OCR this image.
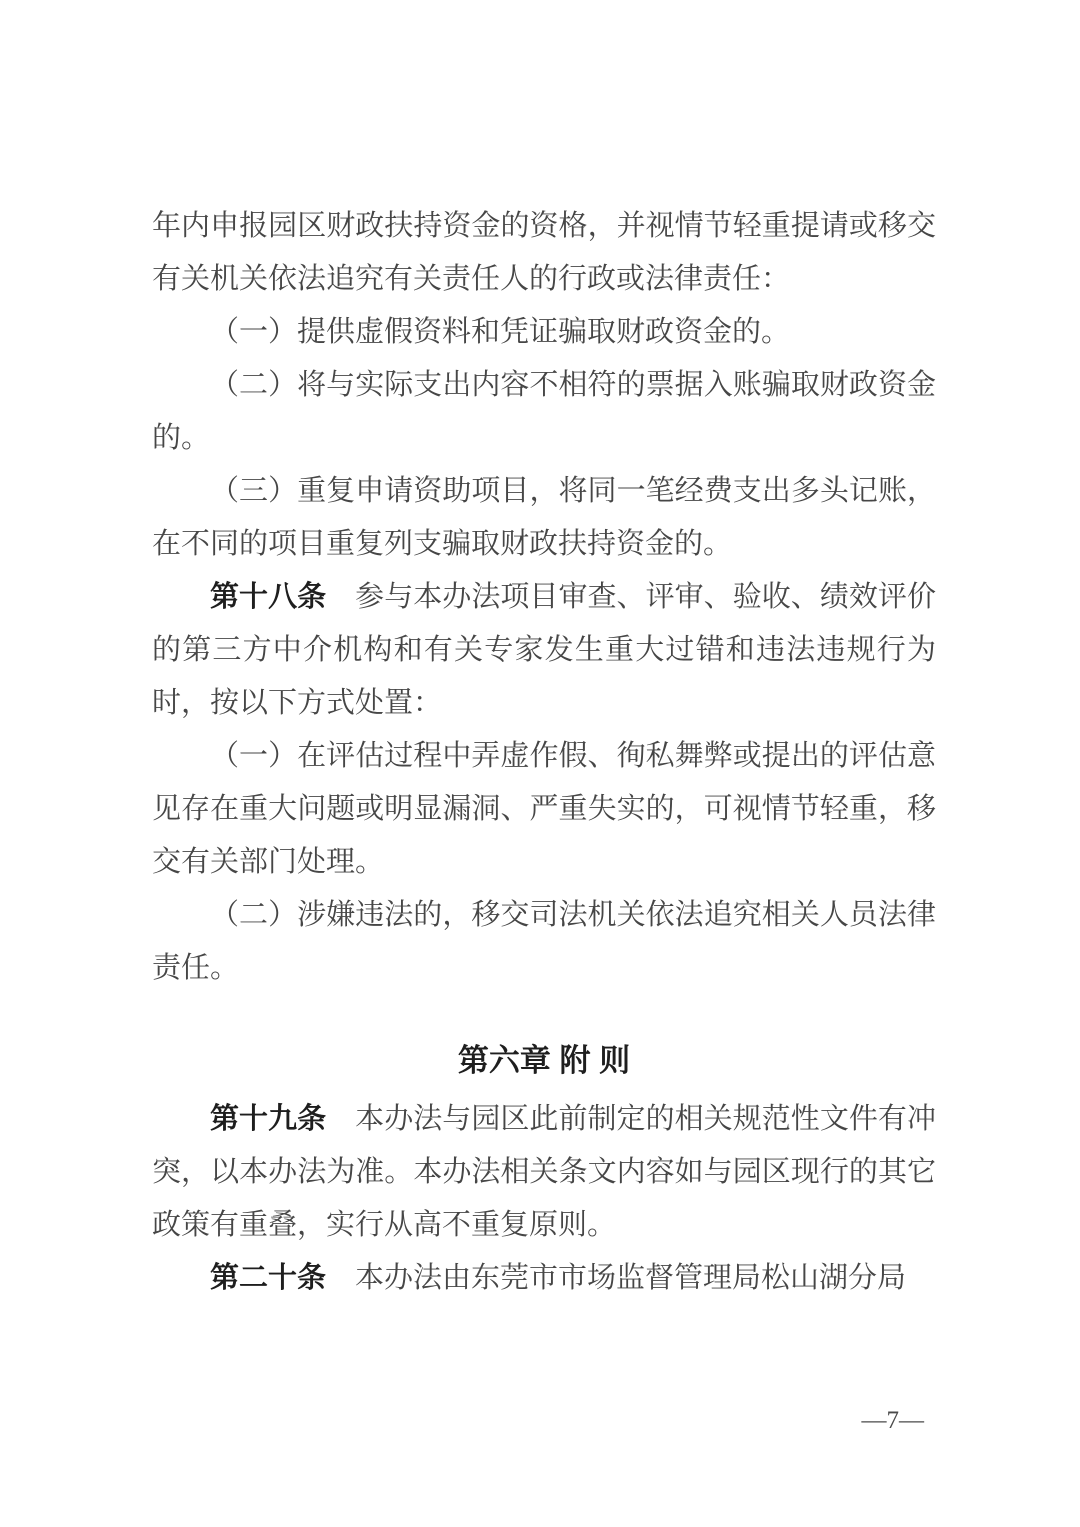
年内申报园区财政扶持资金的资格，并视情节轻重提请或移交有关机关依法追究有关责任人的行政或法律责任：

（一）提供虚假资料和凭证骗取财政资金的。

（二）将与实际支出内容不相符的票据入账骗取财政资金的。

（三）重复申请资助项目，将同一笔经费支出多头记账，在不同的项目重复列支骗取财政扶持资金的。

第十八条 参与本办法项目审查、评审、验收、绩效评价的第三方中介机构和有关专家发生重大过错和违法违规行为时，按以下方式处置：

（一）在评估过程中弄虚作假、徇私舞弊或提出的评估意见存在重大问题或明显漏洞、严重失实的，可视情节轻重，移交有关部门处理。

（二）涉嫌违法的，移交司法机关依法追究相关人员法律责任。

第六章 附 则

第十九条 本办法与园区此前制定的相关规范性文件有冲突，以本办法为准。本办法相关条文内容如与园区现行的其它政策有重叠，实行从高不重复原则。

第二十条 本办法由东莞市市场监督管理局松山湖分局

—7—
